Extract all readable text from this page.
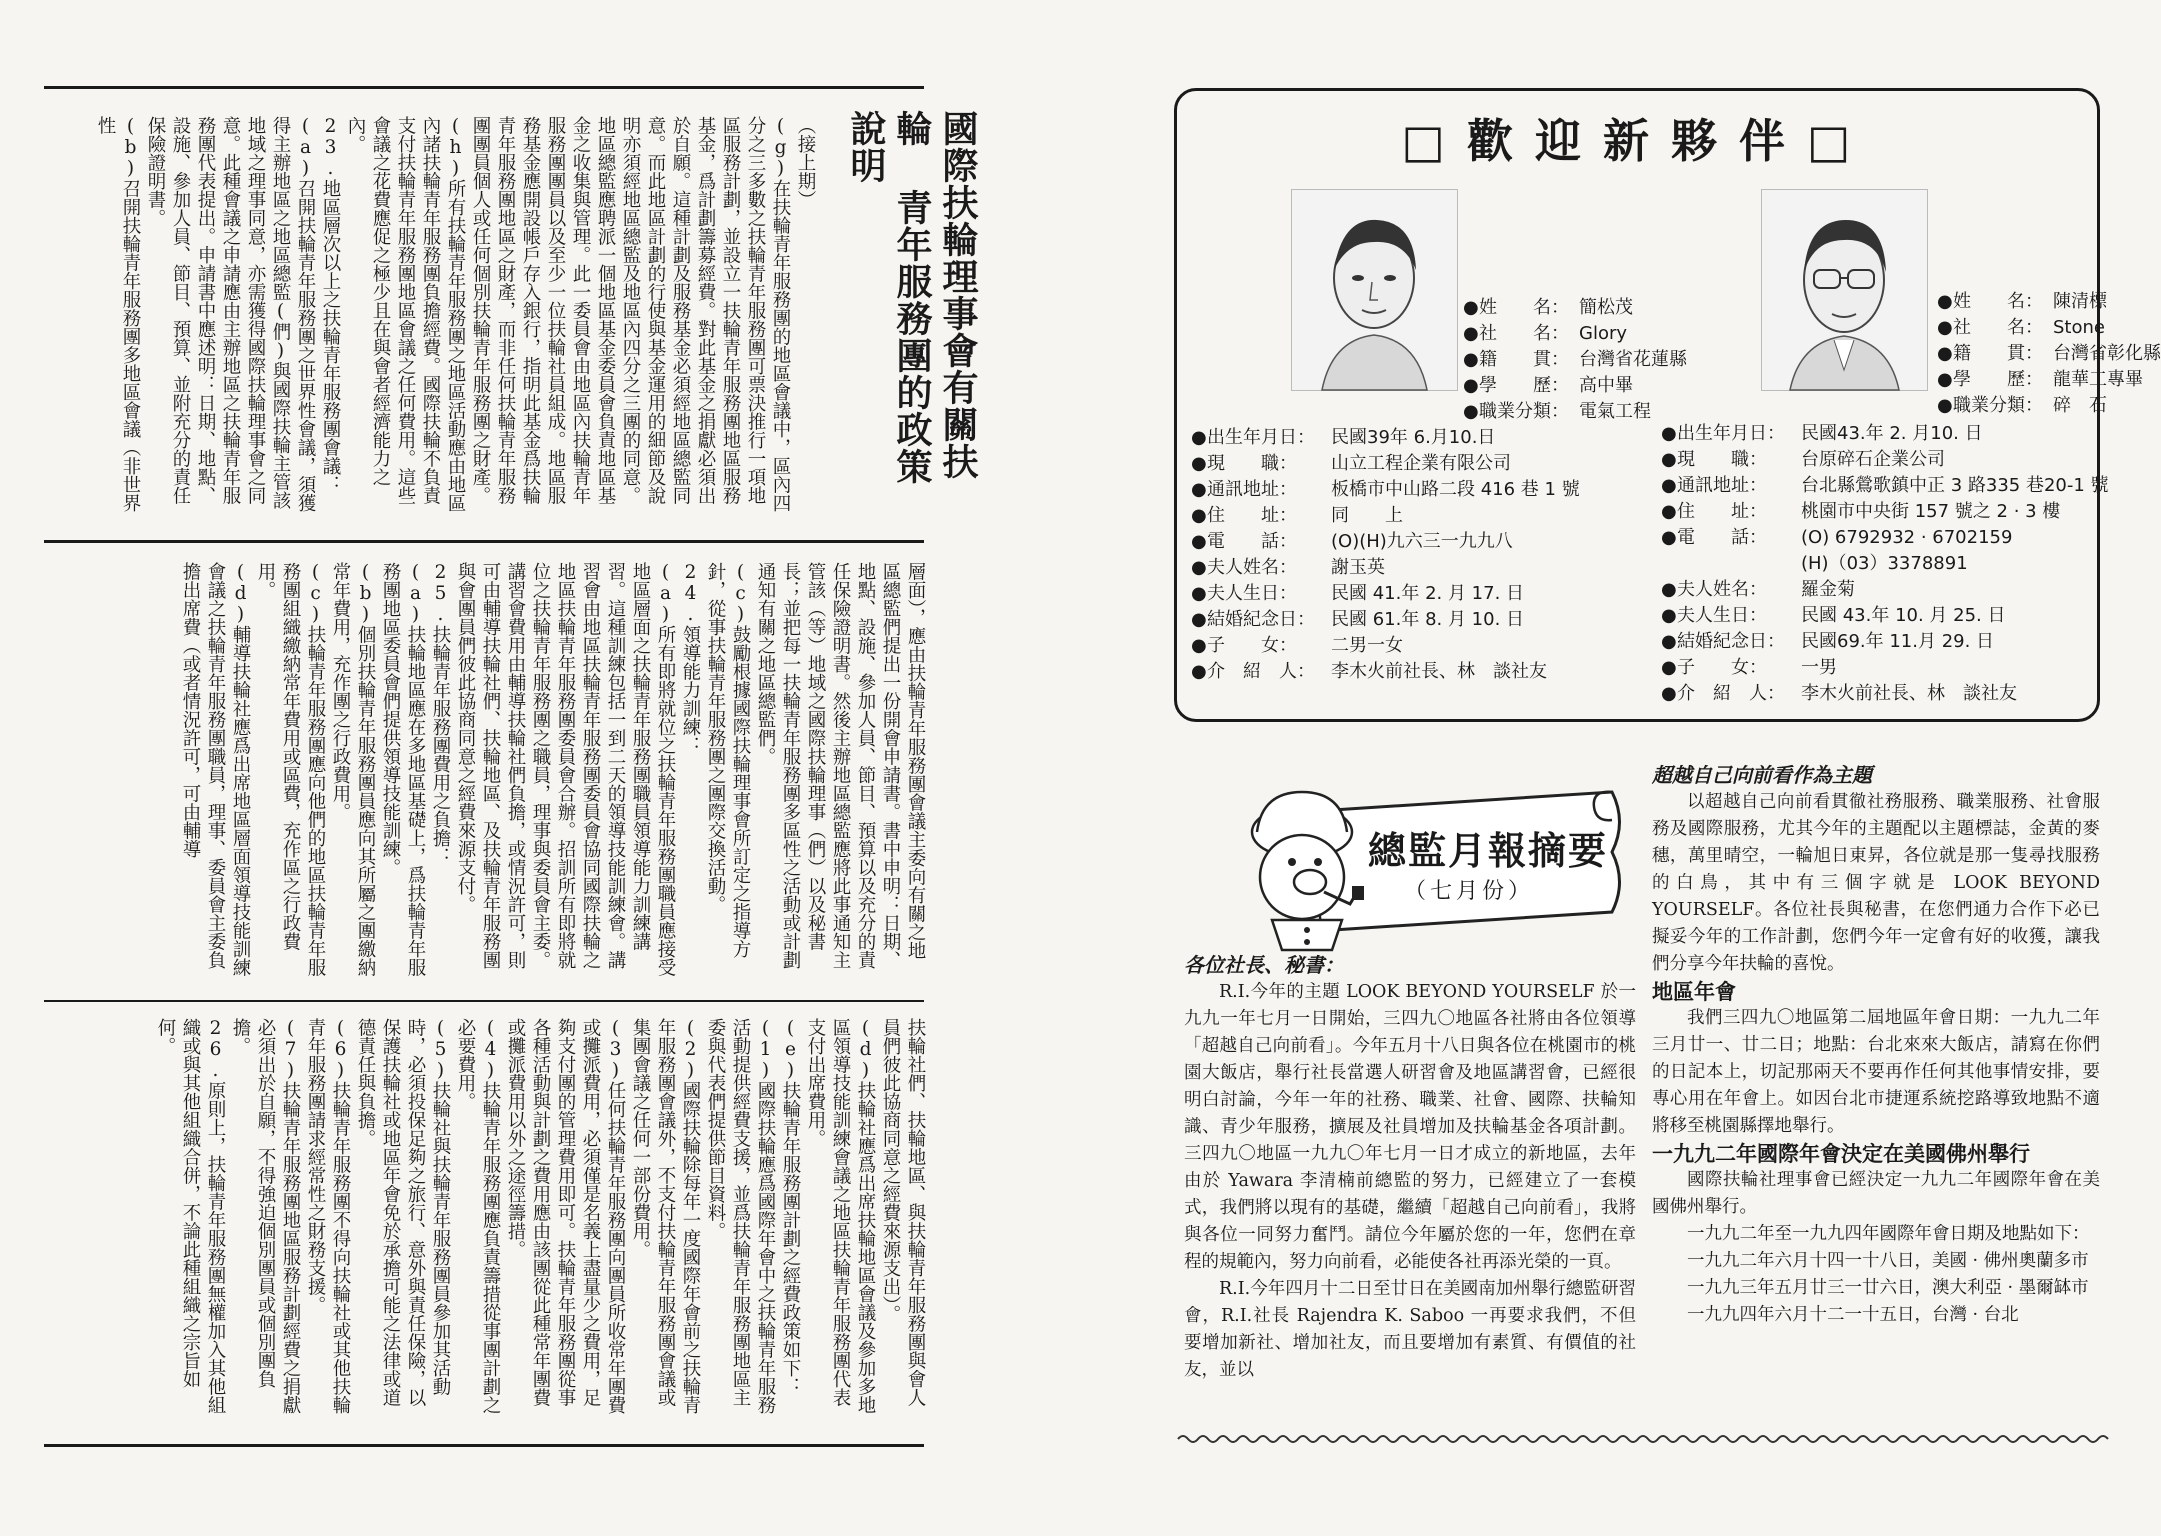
國際扶輪理事會有關扶輪 青年服務團的政策說明

（接上期）

(g)在扶輪青年服務團的地區會議中，區內四分之三多數之扶輪青年服務團可票決推行一項地區服務計劃，並設立一扶輪青年服務團地區服務基金，爲計劃籌募經費。對此基金之捐獻必須出於自願。這種計劃及服務基金必須經地區總監同意。而此地區計劃的行使與基金運用的細節及說明亦須經地區總監及地區內四分之三團的同意。地區總監應聘派一個地區基金委員會負責地區基金之收集與管理。此一委員會由地區內扶輪青年服務團團員以及至少一位扶輪社員組成。地區服務基金應開設帳戶存入銀行，指明此基金爲扶輪青年服務團地區之財產，而非任何扶輪青年服務團團員個人或任何個別扶輪青年服務團之財產。

(h)所有扶輪青年服務團之地區活動應由地區內諸扶輪青年服務團負擔經費。國際扶輪不負責支付扶輪青年服務團地區會議之任何費用。這些會議之花費應促之極少且在與會者經濟能力之內。

23.地區層次以上之扶輪青年服務團會議：

(a)召開扶輪青年服務團之世界性會議，須獲得主辦地區之地區總監(們)與國際扶輪主管該地域之理事同意，亦需獲得國際扶輪理事會之同意。此種會議之申請應由主辦地區之扶輪青年服務團代表提出。申請書中應述明：日期、地點、設施、參加人員、節目、預算、並附充分的責任保險證明書。

(b)召開扶輪青年服務團多地區會議（非世界性

層面），應由扶輪青年服務團會議主委向有關之地區總監們提出一份開會申請書。書中申明：日期、地點、設施、參加人員、節目、預算以及充分的責任保險證明書。然後主辦地區總監應將此事通知主管該（等）地域之國際扶輪理事（們）以及秘書長；並把每一扶輪青年服務團多區性之活動或計劃通知有關之地區總監們。

(c)鼓勵根據國際扶輪理事會所訂定之指導方針，從事扶輪青年服務團之團際交換活動。

24.領導能力訓練：

(a)所有即將就位之扶輪青年服務團職員應接受地區層面之扶輪青年服務團職員領導能力訓練講習。這種訓練包括一到二天的領導技能訓練會。講習會由地區扶輪青年服務團委員會協同國際扶輪之地區扶輪青年服務團委員會合辦。招訓所有即將就位之扶輪青年服務團之職員，理事與委員會主委。講習會費用由輔導扶輪社們負擔，或情況許可，則可由輔導扶輪社們、扶輪地區、及扶輪青年服務團與會團員們彼此協商同意之經費來源支付。

25.扶輪青年服務團費用之負擔：

(a)扶輪地區應在多地區基礎上，爲扶輪青年服務團地區委員會們提供領導技能訓練。

(b)個別扶輪青年服務團員應向其所屬之團繳納常年費用，充作團之行政費用。

(c)扶輪青年服務團應向他們的地區扶輪青年服務團組織繳納常年費用或區費，充作區之行政費用。

(d)輔導扶輪社應爲出席地區層面領導技能訓練會議之扶輪青年服務團職員，理事、委員會主委負擔出席費（或者情況許可，可由輔導

扶輪社們、扶輪地區、與扶輪青年服務團與會人員們彼此協商同意之經費來源支出）。

(d)扶輪社應爲出席扶輪地區會議及參加多地區領導技能訓練會議之地區扶輪青年服務團代表支付出席費用。

(e)扶輪青年服務團計劃之經費政策如下：

(1)國際扶輪應爲國際年會中之扶輪青年服務活動提供經費支援，並爲扶輪青年服務團地區主委與代表們提供節目資料。

(2)國際扶輪除每年一度國際年會前之扶輪青年服務團會議外，不支付扶輪青年服務團會議或集團會議之任何一部份費用。

(3)任何扶輪青年服務團向團員所收常年團費或攤派費用，必須僅是名義上盡量少之費用，足夠支付團的管理費用即可。扶輪青年服務團從事各種活動與計劃之費用應由該團從此種常年團費或攤派費用以外之途徑籌措。

(4)扶輪青年服務團應負責籌措從事團計劃之必要費用。

(5)扶輪社與扶輪青年服務團員參加其活動時，必須投保足夠之旅行、意外與責任保險，以保護扶輪社或地區年會免於承擔可能之法律或道德責任與負擔。

(6)扶輪青年服務團不得向扶輪社或其他扶輪青年服務團請求經常性之財務支援。

(7)扶輪青年服務團地區服務計劃經費之捐獻必須出於自願，不得強迫個別團員或個別團負擔。

26.原則上，扶輪青年服務團無權加入其他組織或與其他組織合併，不論此種組織之宗旨如何。

□歡迎新夥伴□
●姓　　名： 簡松茂
●社　　名： Glory
●籍　　貫： 台灣省花蓮縣
●學　　歷： 高中畢
●職業分類： 電氣工程
●出生年月日： 民國39年 6.月10.日
●現　　職： 山立工程企業有限公司
●通訊地址： 板橋市中山路二段 416 巷 1 號
●住　　址： 同　　上
●電　　話： (O)(H)九六三一九九八
●夫人姓名： 謝玉英
●夫人生日： 民國 41.年 2. 月 17. 日
●結婚紀念日： 民國 61.年 8. 月 10. 日
●子　　女： 二男一女
●介　紹　人： 李木火前社長、林　談社友
●姓　　名： 陳清標
●社　　名： Stone
●籍　　貫： 台灣省彰化縣
●學　　歷： 龍華工專畢
●職業分類： 碎　石
●出生年月日： 民國43.年 2. 月10. 日
●現　　職： 台原碎石企業公司
●通訊地址： 台北縣鶯歌鎮中正 3 路335 巷20-1 號
●住　　址： 桃園市中央街 157 號之 2 · 3 樓
●電　　話： (O) 6792932 · 6702159
(H)（03）3378891
●夫人姓名： 羅金菊
●夫人生日： 民國 43.年 10. 月 25. 日
●結婚紀念日： 民國69.年 11.月 29. 日
●子　　女： 一男
●介　紹　人： 李木火前社長、林　談社友
總監月報摘要
（七月份）

各位社長、秘書：

R.I.今年的主題 LOOK BEYOND YOURSELF 於一九九一年七月一日開始，三四九〇地區各社將由各位領導「超越自己向前看」。今年五月十八日與各位在桃園市的桃園大飯店，舉行社長當選人研習會及地區講習會，已經很明白討論，今年一年的社務、職業、社會、國際、扶輪知識、青少年服務，擴展及社員增加及扶輪基金各項計劃。三四九〇地區一九九〇年七月一日才成立的新地區，去年由於 Yawara 李清楠前總監的努力，已經建立了一套模式，我們將以現有的基礎，繼續「超越自己向前看」，我將與各位一同努力奮鬥。請位今年屬於您的一年，您們在章程的規範內，努力向前看，必能使各社再添光榮的一頁。

R.I.今年四月十二日至廿日在美國南加州舉行總監研習會，R.I.社長 Rajendra K. Saboo 一再要求我們，不但要增加新社、增加社友，而且要增加有素質、有價值的社友，並以

超越自己向前看作為主題

以超越自己向前看貫徹社務服務、職業服務、社會服務及國際服務，尤其今年的主題配以主題標誌，金黃的麥穗，萬里晴空，一輪旭日東昇，各位就是那一隻尋找服務的白鳥，其中有三個字就是 LOOK BEYOND YOURSELF。各位社長與秘書，在您們通力合作下必已擬妥今年的工作計劃，您們今年一定會有好的收獲，讓我們分享今年扶輪的喜悅。

地區年會

我們三四九〇地區第二屆地區年會日期：一九九二年三月廿一、廿二日；地點：台北來來大飯店，請寫在你們的日記本上，切記那兩天不要再作任何其他事情安排，要專心用在年會上。如因台北市捷運系統挖路導致地點不適將移至桃園縣擇地舉行。

一九九二年國際年會決定在美國佛州舉行

國際扶輪社理事會已經決定一九九二年國際年會在美國佛州舉行。

一九九二年至一九九四年國際年會日期及地點如下：

一九九二年六月十四一十八日，美國 · 佛州奧蘭多市

一九九三年五月廿三一廿六日，澳大利亞 · 墨爾缽市

一九九四年六月十二一十五日，台灣 · 台北
